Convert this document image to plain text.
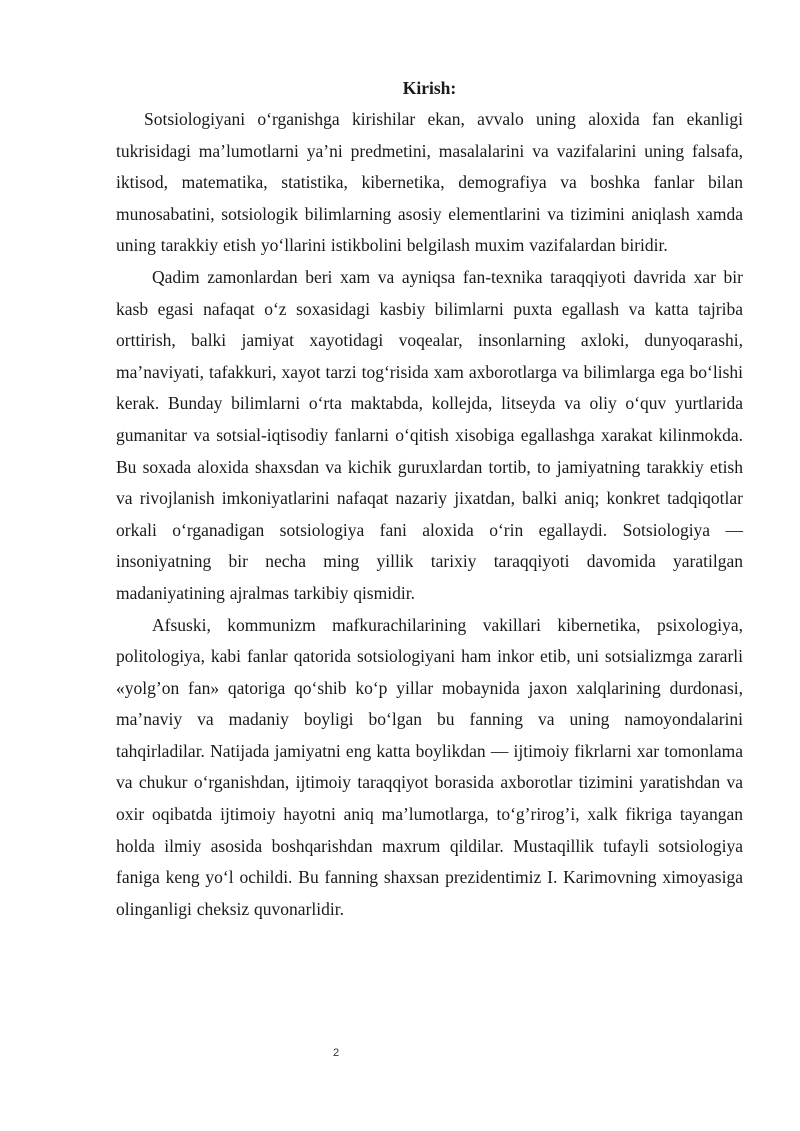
Kirish:

Sotsiologiyani o‘rganishga kirishilar ekan, avvalo uning aloxida fan ekanligi tukrisidagi ma’lumotlarni ya’ni predmetini, masalalarini va vazifalarini uning falsafa, iktisod, matematika, statistika, kibernetika, demografiya va boshka fanlar bilan munosabatini, sotsiologik bilimlarning asosiy elementlarini va tizimini aniqlash xamda uning tarakkiy etish yo‘llarini istikbolini belgilash muxim vazifalardan biridir.

Qadim zamonlardan beri xam va ayniqsa fan-texnika taraqqiyoti davrida xar bir kasb egasi nafaqat o‘z soxasidagi kasbiy bilimlarni puxta egallash va katta tajriba orttirish, balki jamiyat xayotidagi voqealar, insonlarning axloki, dunyoqarashi, ma’naviyati, tafakkuri, xayot tarzi tog‘risida xam axborotlarga va bilimlarga ega bo‘lishi kerak. Bunday bilimlarni o‘rta maktabda, kollejda, litseyda va oliy o‘quv yurtlarida gumanitar va sotsial-iqtisodiy fanlarni o‘qitish xisobiga egallashga xarakat kilinmokda. Bu soxada aloxida shaxsdan va kichik guruxlardan tortib, to jamiyatning tarakkiy etish va rivojlanish imkoniyatlarini nafaqat nazariy jixatdan, balki aniq; konkret tadqiqotlar orkali o‘rganadigan sotsiologiya fani aloxida o‘rin egallaydi. Sotsiologiya — insoniyatning bir necha ming yillik tarixiy taraqqiyoti davomida yaratilgan madaniyatining ajralmas tarkibiy qismidir.

Afsuski, kommunizm mafkurachilarining vakillari kibernetika, psixologiya, politologiya, kabi fanlar qatorida sotsiologiyani ham inkor etib, uni sotsializmga zararli «yolg’on fan» qatoriga qo‘shib ko‘p yillar mobaynida jaxon xalqlarining durdonasi, ma’naviy va madaniy boyligi bo‘lgan bu fanning va uning namoyondalarini tahqirladilar. Natijada jamiyatni eng katta boylikdan — ijtimoiy fikrlarni xar tomonlama va chukur o‘rganishdan, ijtimoiy taraqqiyot borasida axborotlar tizimini yaratishdan va oxir oqibatda ijtimoiy hayotni aniq ma’lumotlarga, to‘g’rirog’i, xalk fikriga tayangan holda ilmiy asosida boshqarishdan maxrum qildilar. Mustaqillik tufayli sotsiologiya faniga keng yo‘l ochildi. Bu fanning shaxsan prezidentimiz I. Karimovning ximoyasiga olinganligi cheksiz quvonarlidir.

2
